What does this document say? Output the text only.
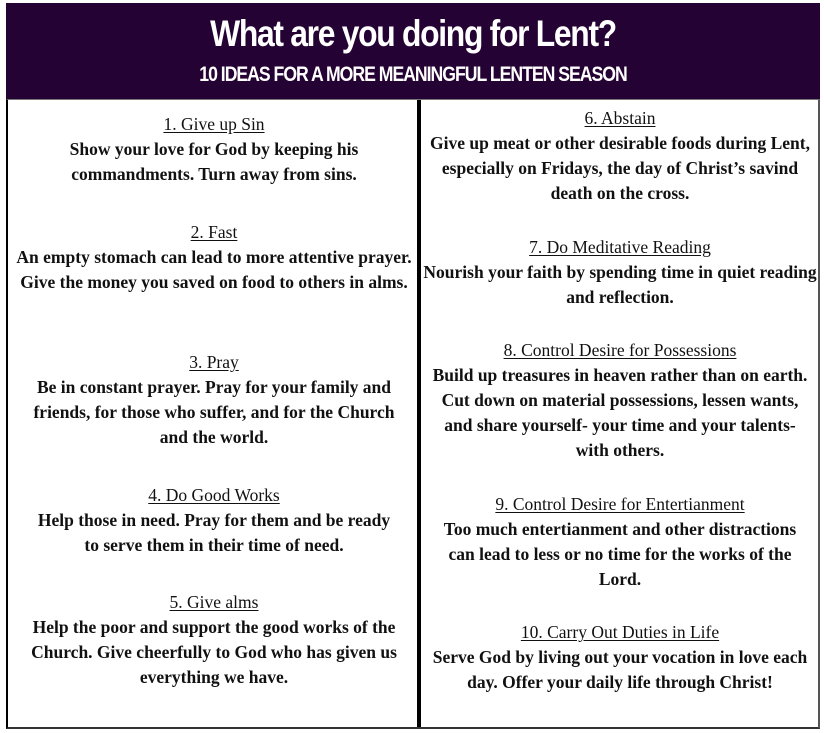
What are you doing for Lent?
10 IDEAS FOR A MORE MEANINGFUL LENTEN SEASON
1. Give up Sin
Show your love for God by keeping his commandments. Turn away from sins.
2. Fast
An empty stomach can lead to more attentive prayer. Give the money you saved on food to others in alms.
3. Pray
Be in constant prayer. Pray for your family and friends, for those who suffer, and for the Church and the world.
4. Do Good Works
Help those in need. Pray for them and be ready to serve them in their time of need.
5. Give alms
Help the poor and support the good works of the Church. Give cheerfully to God who has given us everything we have.
6. Abstain
Give up meat or other desirable foods during Lent, especially on Fridays, the day of Christ’s savind death on the cross.
7. Do Meditative Reading
Nourish your faith by spending time in quiet reading and reflection.
8. Control Desire for Possessions
Build up treasures in heaven rather than on earth. Cut down on material possessions, lessen wants, and share yourself- your time and your talents- with others.
9. Control Desire for Entertianment
Too much entertianment and other distractions can lead to less or no time for the works of the Lord.
10. Carry Out Duties in Life
Serve God by living out your vocation in love each day. Offer your daily life through Christ!
